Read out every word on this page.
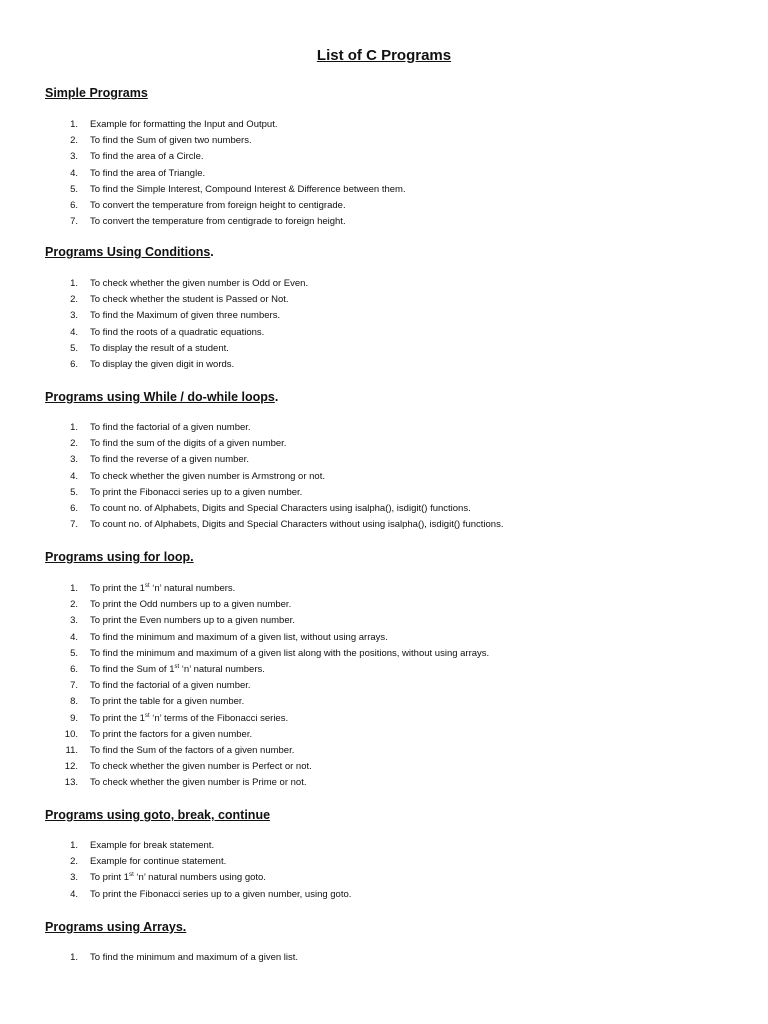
List of C Programs
Simple Programs
1. Example for formatting the Input and Output.
2. To find the Sum of given two numbers.
3. To find the area of a Circle.
4. To find the area of Triangle.
5. To find the Simple Interest, Compound Interest & Difference between them.
6. To convert the temperature from foreign height to centigrade.
7. To convert the temperature from centigrade to foreign height.
Programs Using Conditions.
1. To check whether the given number is Odd or Even.
2. To check whether the student is Passed or Not.
3. To find the Maximum of given three numbers.
4. To find the roots of a quadratic equations.
5. To display the result of a student.
6. To display the given digit in words.
Programs using While / do-while loops.
1. To find the factorial of a given number.
2. To find the sum of the digits of a given number.
3. To find the reverse of a given number.
4. To check whether the given number is Armstrong or not.
5. To print the Fibonacci series up to a given number.
6. To count no. of Alphabets, Digits and Special Characters using isalpha(), isdigit() functions.
7. To count no. of Alphabets, Digits and Special Characters without using isalpha(), isdigit() functions.
Programs using for loop.
1. To print the 1st ‘n’ natural numbers.
2. To print the Odd numbers up to a given number.
3. To print the Even numbers up to a given number.
4. To find the minimum and maximum of a given list, without using arrays.
5. To find the minimum and maximum of a given list along with the positions, without using arrays.
6. To find the Sum of 1st ‘n’ natural numbers.
7. To find the factorial of a given number.
8. To print the table for a given number.
9. To print the 1st ‘n’ terms of the Fibonacci series.
10. To print the factors for a given number.
11. To find the Sum of the factors of a given number.
12. To check whether the given number is Perfect or not.
13. To check whether the given number is Prime or not.
Programs using goto, break, continue
1. Example for break statement.
2. Example for continue statement.
3. To print 1st ‘n’ natural numbers using goto.
4. To print the Fibonacci series up to a given number, using goto.
Programs using Arrays.
1. To find the minimum and maximum of a given list.
